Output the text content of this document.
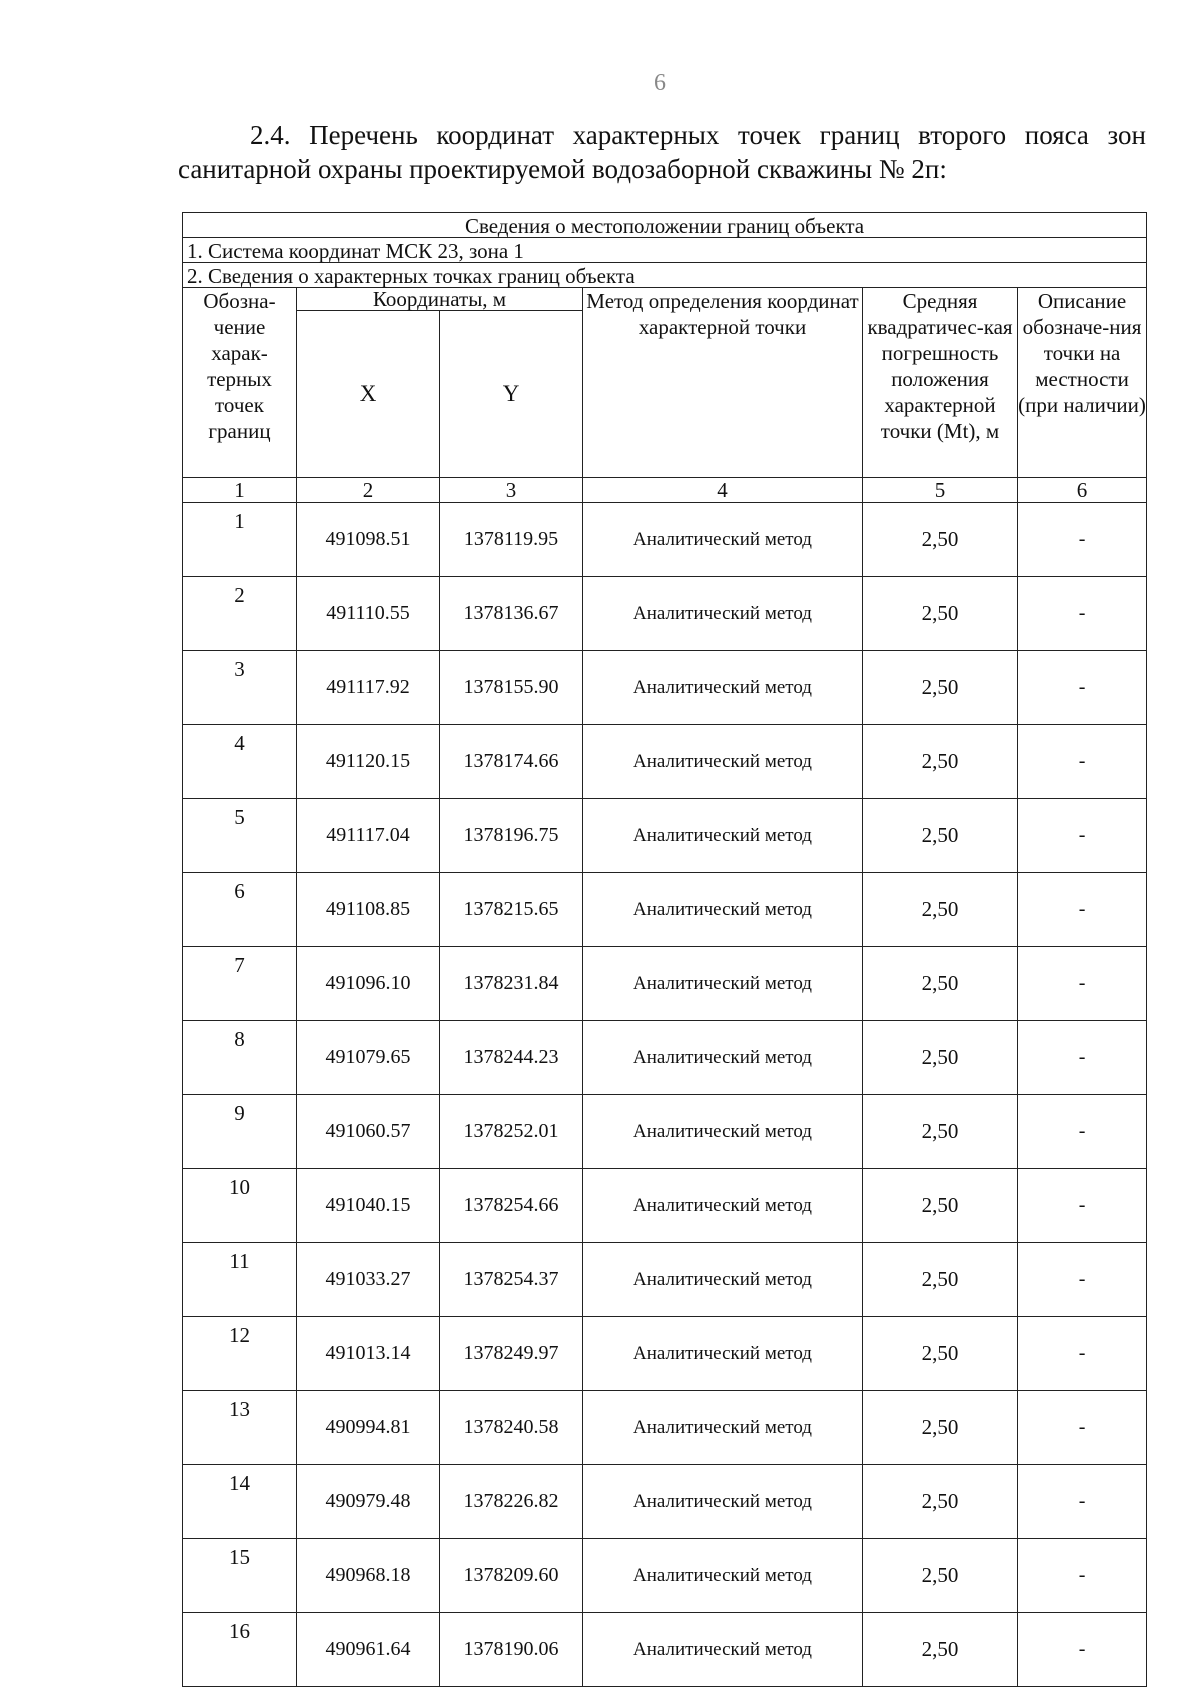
6
2.4. Перечень координат характерных точек границ второго пояса зон санитарной охраны проектируемой водозаборной скважины № 2п:
Сведения о местоположении границ объекта					
1. Система координат МСК 23, зона 1					
2. Сведения о характерных точках границ объекта					
Обозна-чение харак-терных точек границ	Координаты, м		Метод определения координат характерной точки	Средняя квадратичес-кая погрешность положения характерной точки (Mt), м	Описание обозначе-ния точки на местности (при наличии)
	X	Y			
1	2	3	4	5	6
1	491098.51	1378119.95	Аналитический метод	2,50	-
2	491110.55	1378136.67	Аналитический метод	2,50	-
3	491117.92	1378155.90	Аналитический метод	2,50	-
4	491120.15	1378174.66	Аналитический метод	2,50	-
5	491117.04	1378196.75	Аналитический метод	2,50	-
6	491108.85	1378215.65	Аналитический метод	2,50	-
7	491096.10	1378231.84	Аналитический метод	2,50	-
8	491079.65	1378244.23	Аналитический метод	2,50	-
9	491060.57	1378252.01	Аналитический метод	2,50	-
10	491040.15	1378254.66	Аналитический метод	2,50	-
11	491033.27	1378254.37	Аналитический метод	2,50	-
12	491013.14	1378249.97	Аналитический метод	2,50	-
13	490994.81	1378240.58	Аналитический метод	2,50	-
14	490979.48	1378226.82	Аналитический метод	2,50	-
15	490968.18	1378209.60	Аналитический метод	2,50	-
16	490961.64	1378190.06	Аналитический метод	2,50	-
